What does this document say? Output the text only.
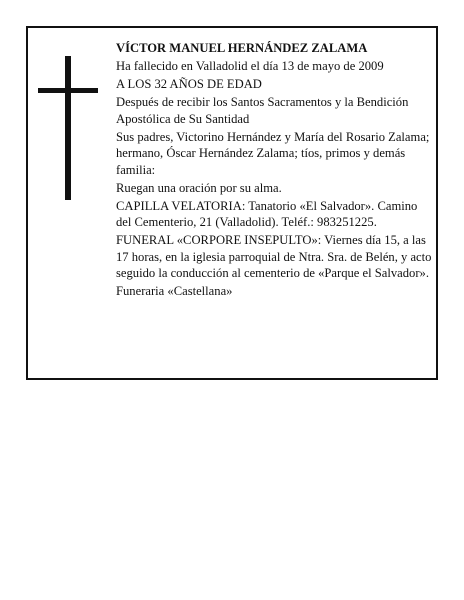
VÍCTOR MANUEL HERNÁNDEZ ZALAMA

Ha fallecido en Valladolid el día 13 de mayo de 2009

A LOS 32 AÑOS DE EDAD

Después de recibir los Santos Sacramentos y la Bendición Apostólica de Su Santidad

Sus padres, Victorino Hernández y María del Rosario Zalama; hermano, Óscar Hernández Zalama; tíos, primos y demás familia:

Ruegan una oración por su alma.

CAPILLA VELATORIA: Tanatorio «El Salvador». Camino del Cementerio, 21 (Valladolid). Teléf.: 983251225.

FUNERAL «CORPORE INSEPULTO»: Viernes día 15, a las 17 horas, en la iglesia parroquial de Ntra. Sra. de Belén, y acto seguido la conducción al cementerio de «Parque el Salvador».

Funeraria «Castellana»
